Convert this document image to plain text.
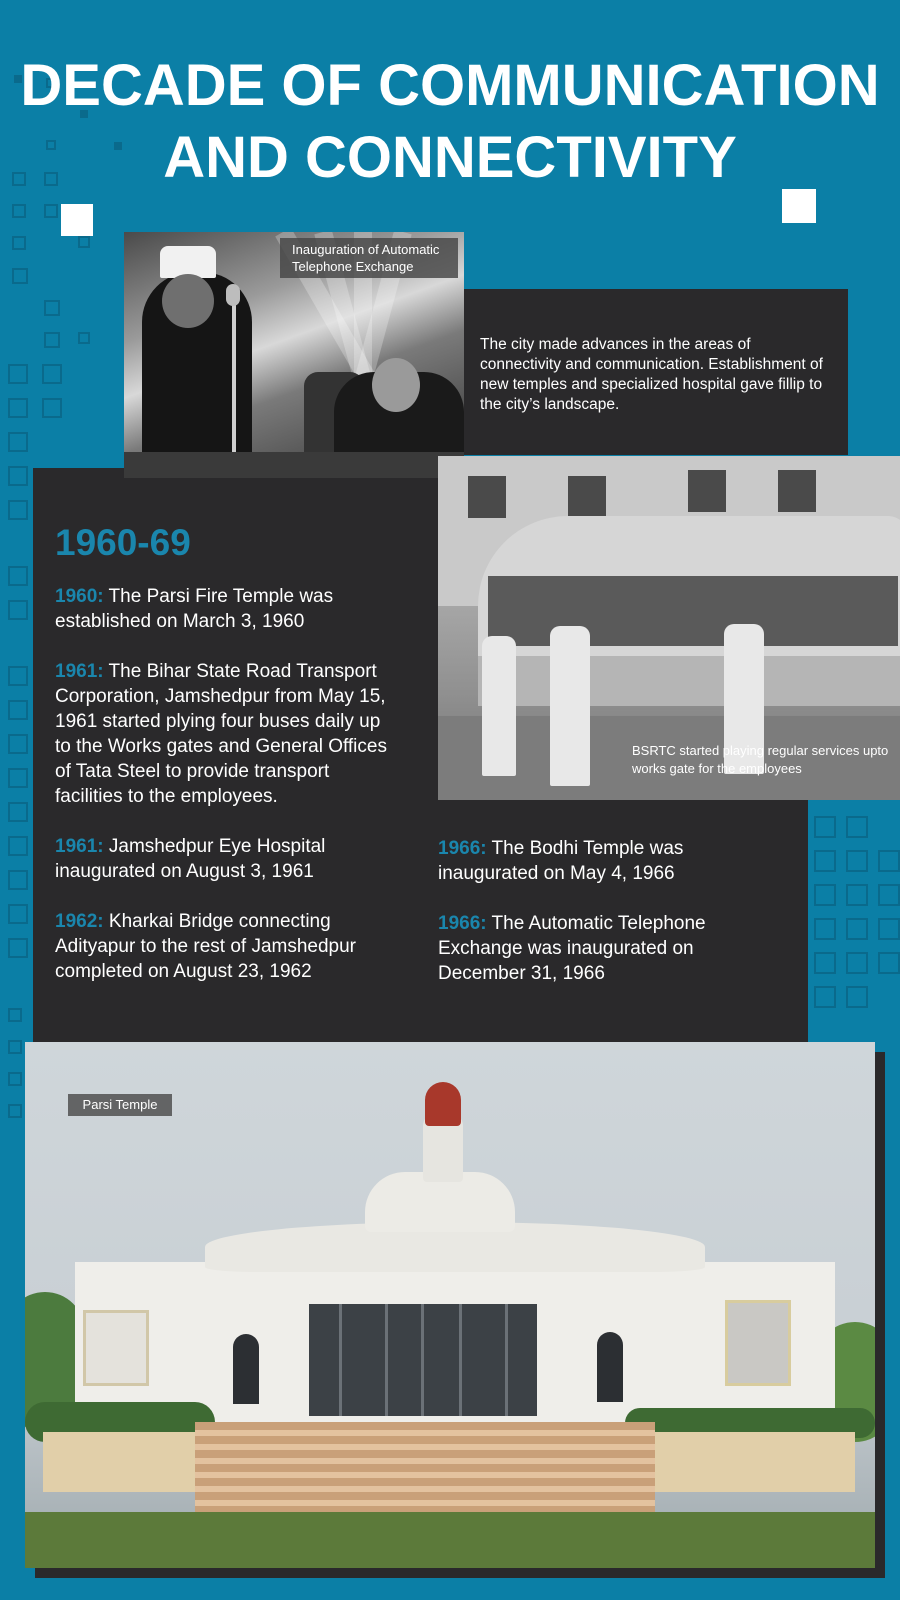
DECADE OF COMMUNICATION
AND CONNECTIVITY

The city made advances in the areas of connectivity and communication. Establishment of new temples and specialized hospital gave fillip to the city’s landscape.

Inauguration of Automatic Telephone Exchange
1960-69

1960: The Parsi Fire Temple was established on March 3, 1960

1961: The Bihar State Road Transport Corporation, Jamshedpur from May 15, 1961 started plying four buses daily up to the Works gates and General Offices of Tata Steel to provide transport facilities to the employees.

1961: Jamshedpur Eye Hospital inaugurated on August 3, 1961

1962: Kharkai Bridge connecting Adityapur to the rest of Jamshedpur completed on August 23, 1962

BSRTC started playing regular services upto works gate for the employees

1966: The Bodhi Temple was inaugurated on May 4, 1966

1966: The Automatic Telephone Exchange was inaugurated on December 31, 1966

Parsi Temple
